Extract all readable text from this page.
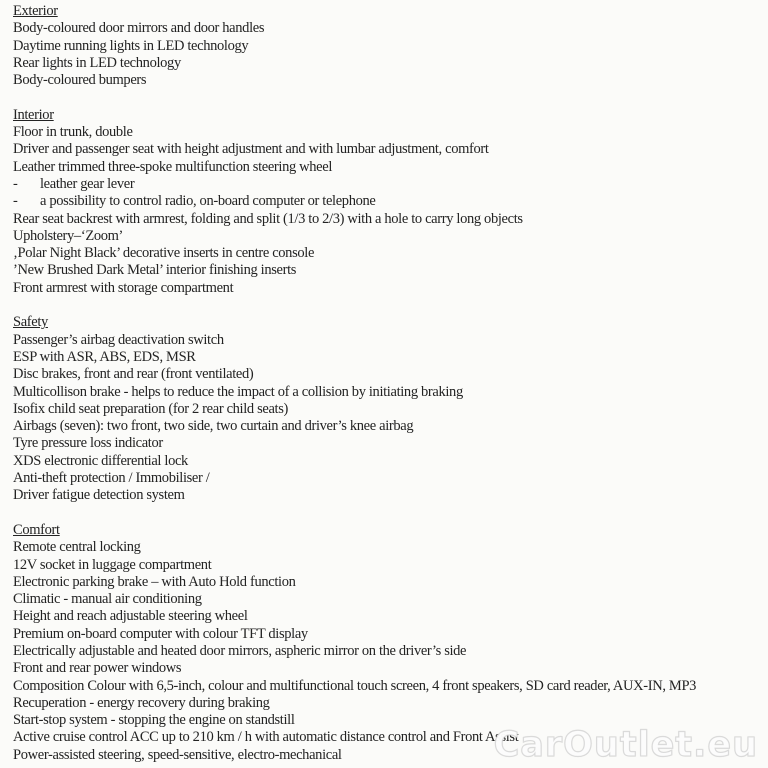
Exterior
Body-coloured door mirrors and door handles
Daytime running lights in LED technology
Rear lights in LED technology
Body-coloured bumpers
Interior
Floor in trunk, double
Driver and passenger seat with height adjustment and with lumbar adjustment, comfort
Leather trimmed three-spoke multifunction steering wheel
-	leather gear lever
-	a possibility to control radio, on-board computer or telephone
Rear seat backrest with armrest, folding and split (1/3 to 2/3) with a hole to carry long objects
Upholstery–‘Zoom’
‚Polar Night Black’ decorative inserts in centre console
’New Brushed Dark Metal’ interior finishing inserts
Front armrest with storage compartment
Safety
Passenger’s airbag deactivation switch
ESP with ASR, ABS, EDS, MSR
Disc brakes, front and rear (front ventilated)
Multicollison brake - helps to reduce the impact of a collision by initiating braking
Isofix child seat preparation (for 2 rear child seats)
Airbags (seven): two front, two side, two curtain and driver’s knee airbag
Tyre pressure loss indicator
XDS electronic differential lock
Anti-theft protection / Immobiliser /
Driver fatigue detection system
Comfort
Remote central locking
12V socket in luggage compartment
Electronic parking brake – with Auto Hold function
Climatic - manual air conditioning
Height and reach adjustable steering wheel
Premium on-board computer with colour TFT display
Electrically adjustable and heated door mirrors, aspheric mirror on the driver’s side
Front and rear power windows
Composition Colour with 6,5-inch, colour and multifunctional touch screen, 4 front speakers, SD card reader, AUX-IN, MP3
Recuperation - energy recovery during braking
Start-stop system - stopping the engine on standstill
Active cruise control ACC up to 210 km / h with automatic distance control and Front Assist
Power-assisted steering, speed-sensitive, electro-mechanical	CarOutlet.eu
